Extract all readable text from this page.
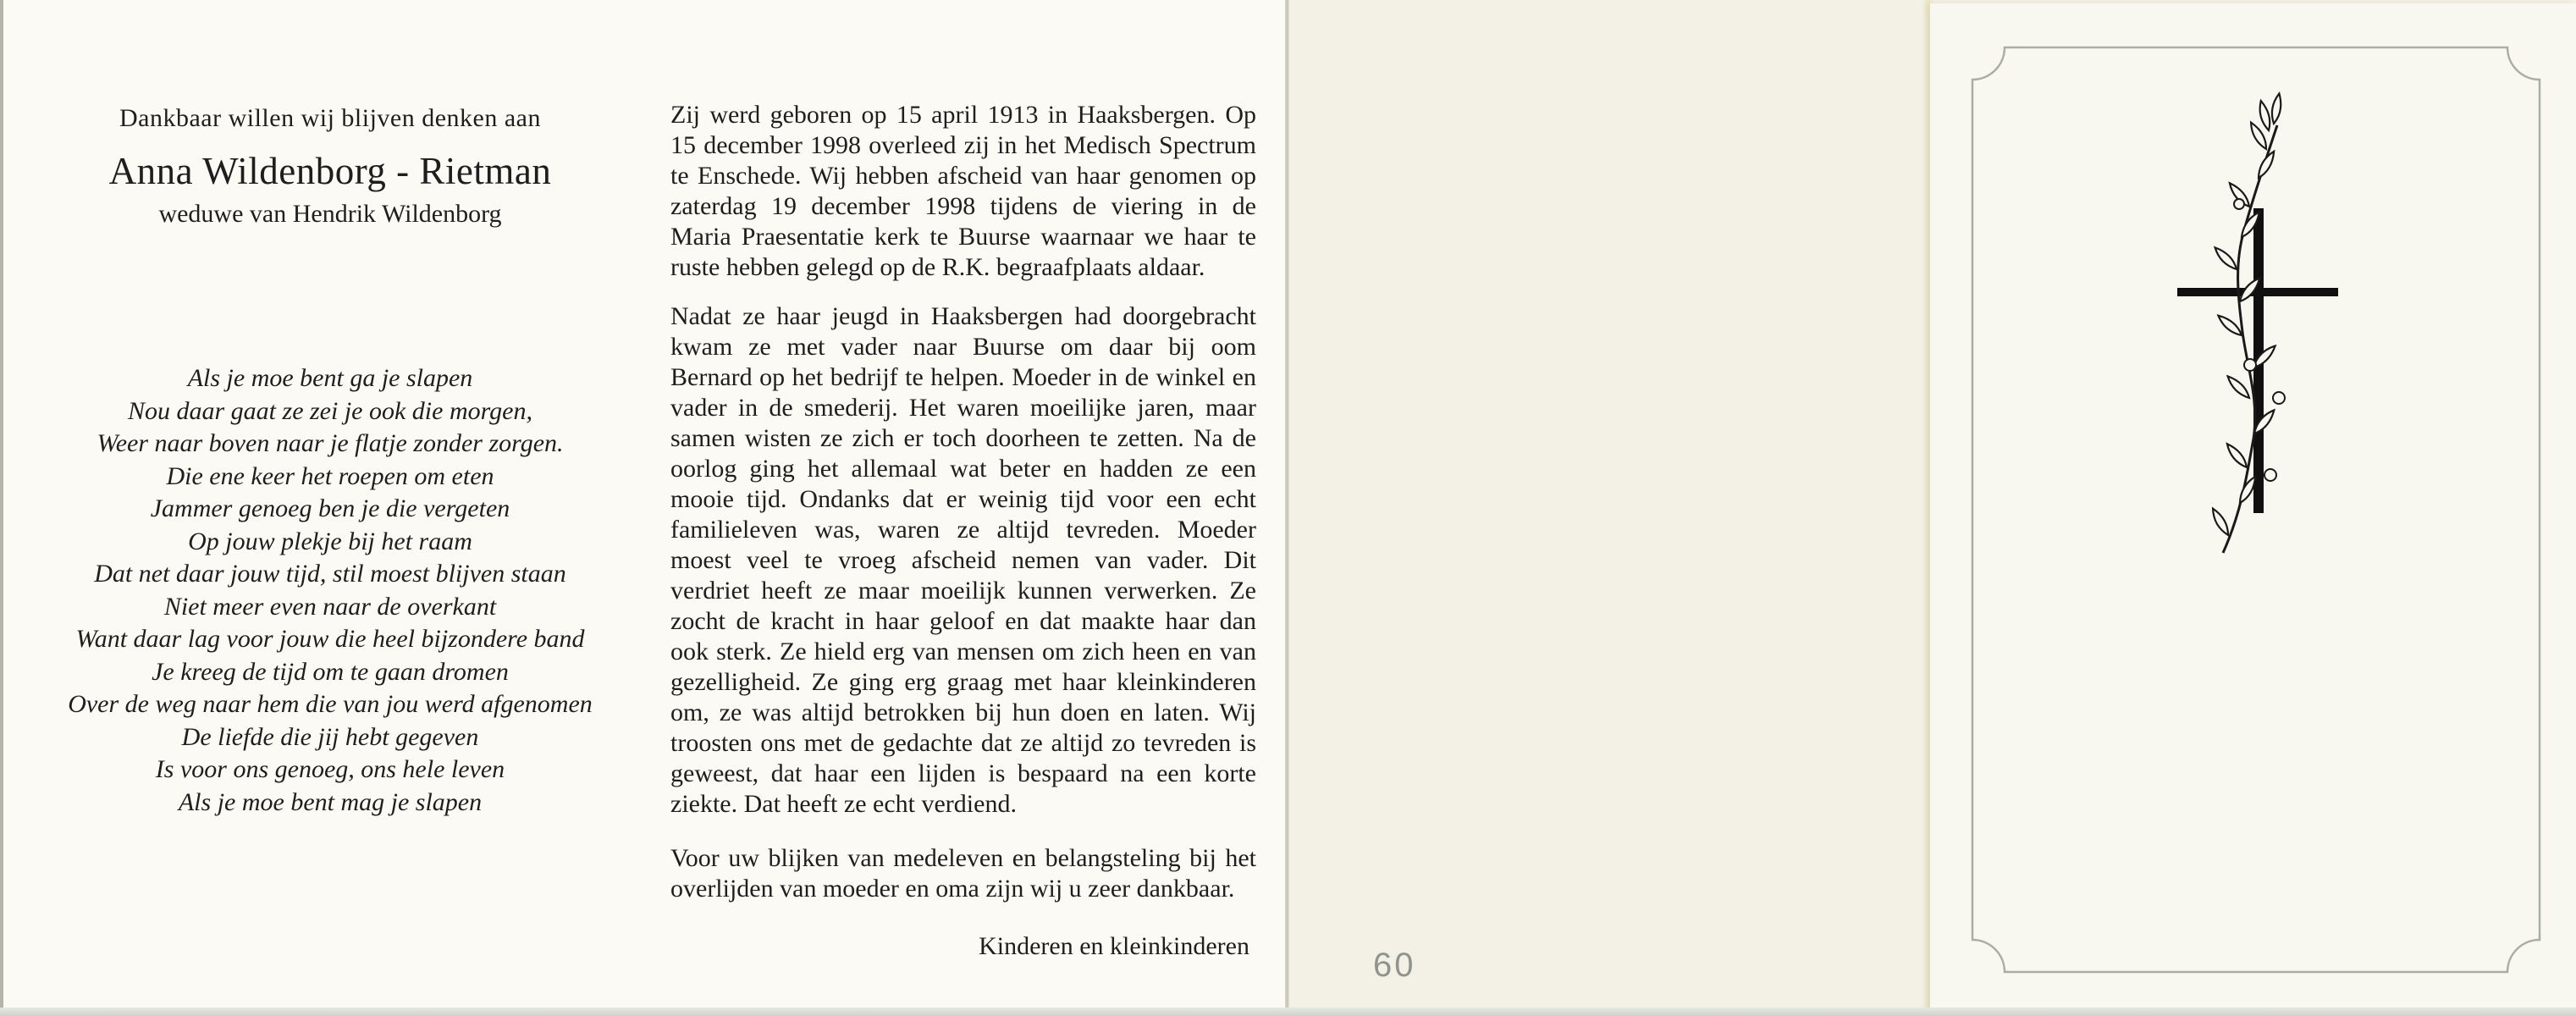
Dankbaar willen wij blijven denken aan
Anna Wildenborg - Rietman
weduwe van Hendrik Wildenborg
Als je moe bent ga je slapen
Nou daar gaat ze zei je ook die morgen,
Weer naar boven naar je flatje zonder zorgen.
Die ene keer het roepen om eten
Jammer genoeg ben je die vergeten
Op jouw plekje bij het raam
Dat net daar jouw tijd, stil moest blijven staan
Niet meer even naar de overkant
Want daar lag voor jouw die heel bijzondere band
Je kreeg de tijd om te gaan dromen
Over de weg naar hem die van jou werd afgenomen
De liefde die jij hebt gegeven
Is voor ons genoeg, ons hele leven
Als je moe bent mag je slapen

Zij werd geboren op 15 april 1913 in Haaksbergen. Op 15 december 1998 overleed zij in het Medisch Spectrum te Enschede. Wij hebben afscheid van haar genomen op zaterdag 19 december 1998 tijdens de viering in de Maria Praesentatie kerk te Buurse waarnaar we haar te ruste hebben gelegd op de R.K. begraafplaats aldaar.

Nadat ze haar jeugd in Haaksbergen had doorgebracht kwam ze met vader naar Buurse om daar bij oom Bernard op het bedrijf te helpen. Moeder in de winkel en vader in de smederij. Het waren moeilijke jaren, maar samen wisten ze zich er toch doorheen te zetten. Na de oorlog ging het allemaal wat beter en hadden ze een mooie tijd. Ondanks dat er weinig tijd voor een echt familieleven was, waren ze altijd tevreden. Moeder moest veel te vroeg afscheid nemen van vader. Dit verdriet heeft ze maar moeilijk kunnen verwerken. Ze zocht de kracht in haar geloof en dat maakte haar dan ook sterk. Ze hield erg van mensen om zich heen en van gezelligheid. Ze ging erg graag met haar kleinkinderen om, ze was altijd betrokken bij hun doen en laten. Wij troosten ons met de gedachte dat ze altijd zo tevreden is geweest, dat haar een lijden is bespaard na een korte ziekte. Dat heeft ze echt verdiend.

Voor uw blijken van medeleven en belangsteling bij het overlijden van moeder en oma zijn wij u zeer dankbaar.

Kinderen en kleinkinderen
60
